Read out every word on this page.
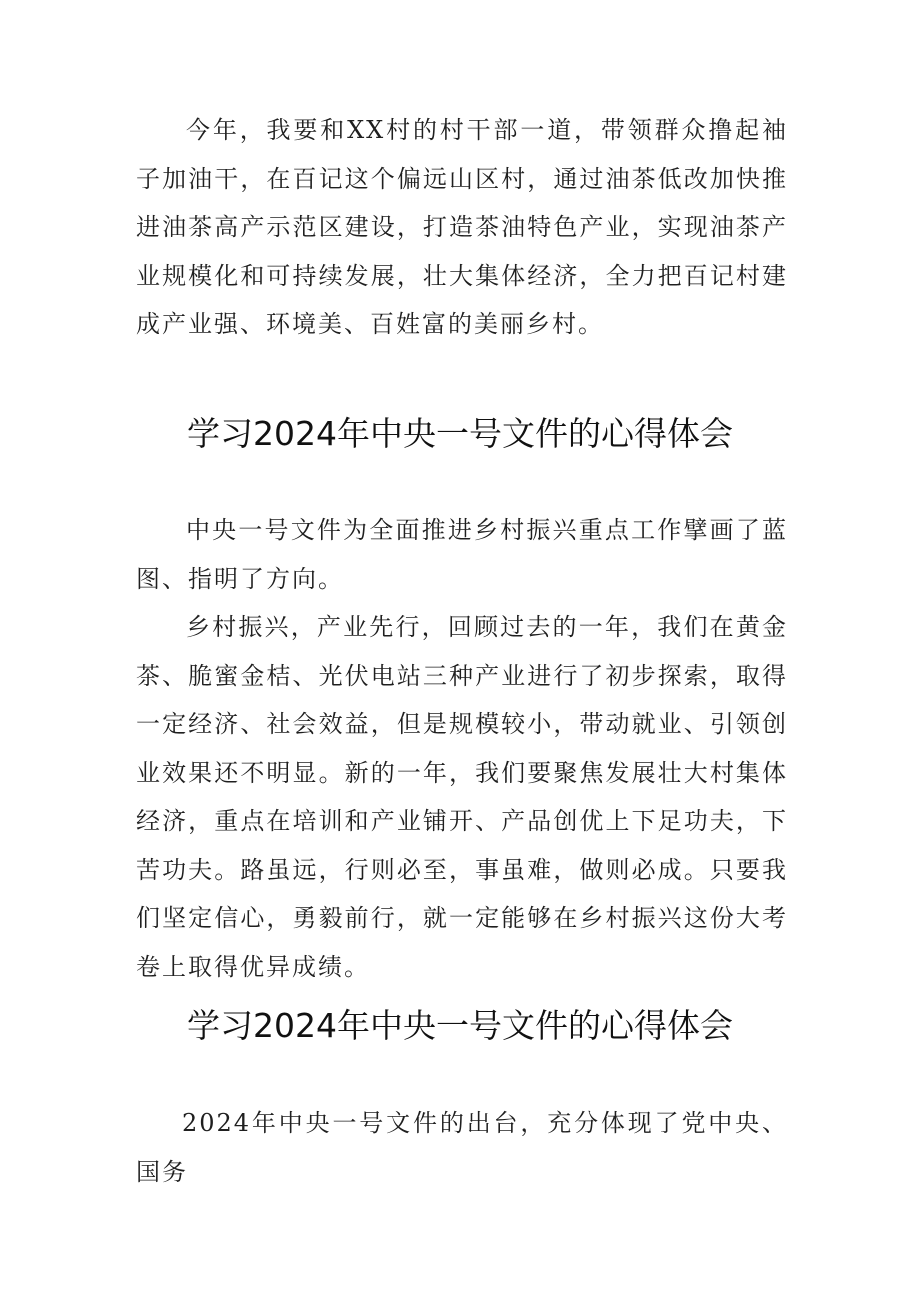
今年，我要和XX村的村干部一道，带领群众撸起袖子加油干，在百记这个偏远山区村，通过油茶低改加快推进油茶高产示范区建设，打造茶油特色产业，实现油茶产业规模化和可持续发展，壮大集体经济，全力把百记村建成产业强、环境美、百姓富的美丽乡村。

学习2024年中央一号文件的心得体会

中央一号文件为全面推进乡村振兴重点工作擘画了蓝图、指明了方向。

乡村振兴，产业先行，回顾过去的一年，我们在黄金茶、脆蜜金桔、光伏电站三种产业进行了初步探索，取得一定经济、社会效益，但是规模较小，带动就业、引领创业效果还不明显。新的一年，我们要聚焦发展壮大村集体经济，重点在培训和产业铺开、产品创优上下足功夫，下苦功夫。路虽远，行则必至，事虽难，做则必成。只要我们坚定信心，勇毅前行，就一定能够在乡村振兴这份大考卷上取得优异成绩。

学习2024年中央一号文件的心得体会

2024年中央一号文件的出台，充分体现了党中央、国务
